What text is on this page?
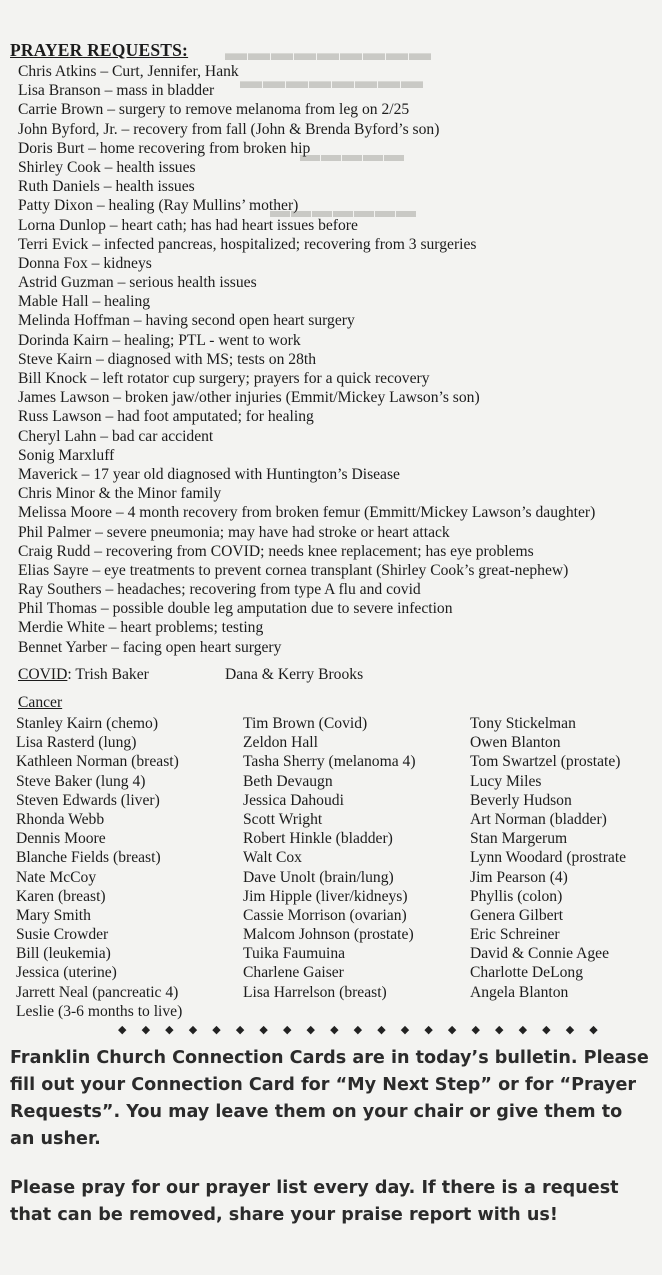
▬▬▬▬▬▬▬▬▬
▬▬▬▬▬▬▬▬
▬▬▬▬▬
▬▬▬▬▬▬▬
PRAYER REQUESTS:
Chris Atkins – Curt, Jennifer, Hank
Lisa Branson – mass in bladder
Carrie Brown – surgery to remove melanoma from leg on 2/25
John Byford, Jr. – recovery from fall (John & Brenda Byford’s son)
Doris Burt – home recovering from broken hip
Shirley Cook – health issues
Ruth Daniels – health issues
Patty Dixon – healing (Ray Mullins’ mother)
Lorna Dunlop – heart cath; has had heart issues before
Terri Evick – infected pancreas, hospitalized; recovering from 3 surgeries
Donna Fox – kidneys
Astrid Guzman – serious health issues
Mable Hall – healing
Melinda Hoffman – having second open heart surgery
Dorinda Kairn – healing; PTL - went to work
Steve Kairn – diagnosed with MS; tests on 28th
Bill Knock – left rotator cup surgery; prayers for a quick recovery
James Lawson – broken jaw/other injuries (Emmit/Mickey Lawson’s son)
Russ Lawson – had foot amputated; for healing
Cheryl Lahn – bad car accident
Sonig Marxluff
Maverick – 17 year old diagnosed with Huntington’s Disease
Chris Minor & the Minor family
Melissa Moore – 4 month recovery from broken femur (Emmitt/Mickey Lawson’s daughter)
Phil Palmer – severe pneumonia; may have had stroke or heart attack
Craig Rudd – recovering from COVID; needs knee replacement; has eye problems
Elias Sayre – eye treatments to prevent cornea transplant (Shirley Cook’s great-nephew)
Ray Southers – headaches; recovering from type A flu and covid
Phil Thomas – possible double leg amputation due to severe infection
Merdie White – heart problems; testing
Bennet Yarber – facing open heart surgery
COVID: Trish Baker	Dana & Kerry Brooks
Cancer
Stanley Kairn (chemo)
Lisa Rasterd (lung)
Kathleen Norman (breast)
Steve Baker (lung 4)
Steven Edwards (liver)
Rhonda Webb
Dennis Moore
Blanche Fields (breast)
Nate McCoy
Karen (breast)
Mary Smith
Susie Crowder
Bill (leukemia)
Jessica (uterine)
Jarrett Neal (pancreatic 4)
Leslie (3-6 months to live)
Tim Brown (Covid)
Zeldon Hall
Tasha Sherry (melanoma 4)
Beth Devaugn
Jessica Dahoudi
Scott Wright
Robert Hinkle (bladder)
Walt Cox
Dave Unolt (brain/lung)
Jim Hipple (liver/kidneys)
Cassie Morrison (ovarian)
Malcom Johnson (prostate)
Tuika Faumuina
Charlene Gaiser
Lisa Harrelson (breast)
Tony Stickelman
Owen Blanton
Tom Swartzel (prostate)
Lucy Miles
Beverly Hudson
Art Norman (bladder)
Stan Margerum
Lynn Woodard (prostrate
Jim Pearson (4)
Phyllis (colon)
Genera Gilbert
Eric Schreiner
David & Connie Agee
Charlotte DeLong
Angela Blanton
◆ ◆ ◆ ◆ ◆ ◆ ◆ ◆ ◆ ◆ ◆ ◆ ◆ ◆ ◆ ◆ ◆ ◆ ◆ ◆ ◆
Franklin Church Connection Cards are in today’s bulletin. Please fill out your Connection Card for “My Next Step” or for “Prayer Requests”. You may leave them on your chair or give them to an usher.
Please pray for our prayer list every day. If there is a request that can be removed, share your praise report with us!
